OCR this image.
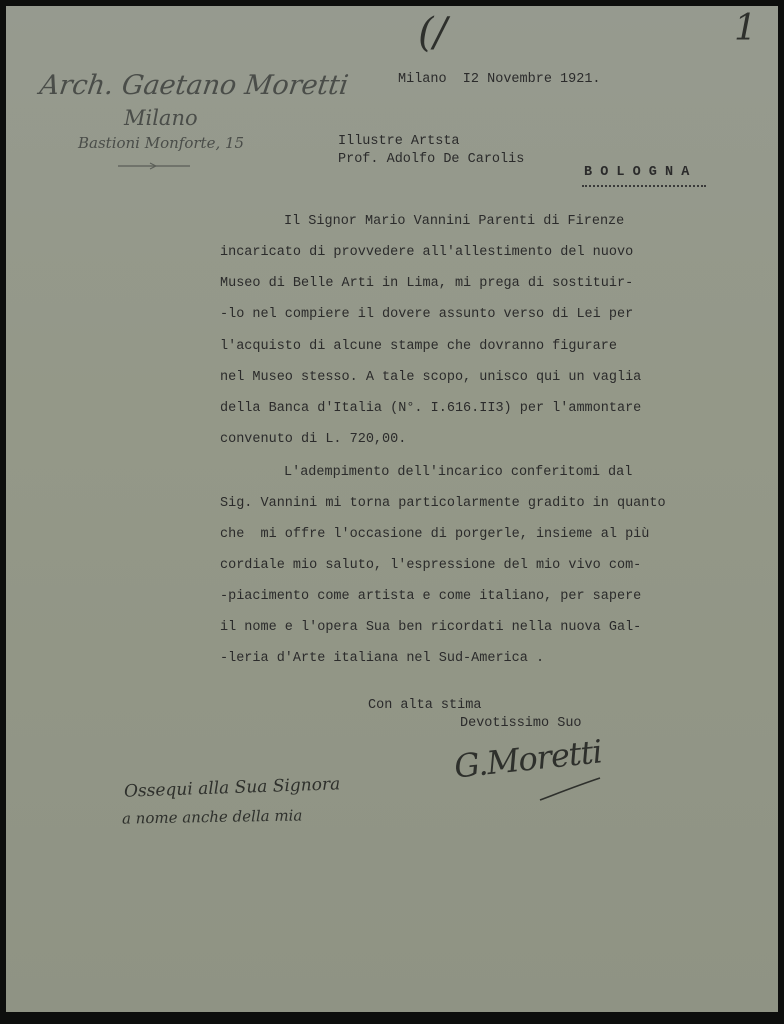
(/	1
Arch. Gaetano Moretti
Milano
Bastioni Monforte, 15
Milano  I2 Novembre 1921.
Illustre Artsta
Prof. Adolfo De Carolis
B O L O G N A
Il Signor Mario Vannini Parenti di Firenze
incaricato di provvedere all'allestimento del nuovo
Museo di Belle Arti in Lima, mi prega di sostituir-
-lo nel compiere il dovere assunto verso di Lei per
l'acquisto di alcune stampe che dovranno figurare
nel Museo stesso. A tale scopo, unisco qui un vaglia
della Banca d'Italia (N°. I.616.II3) per l'ammontare
convenuto di L. 720,00.
L'adempimento dell'incarico conferitomi dal
Sig. Vannini mi torna particolarmente gradito in quanto
che  mi offre l'occasione di porgerle, insieme al più
cordiale mio saluto, l'espressione del mio vivo com-
-piacimento come artista e come italiano, per sapere
il nome e l'opera Sua ben ricordati nella nuova Gal-
-leria d'Arte italiana nel Sud-America .
Con alta stima
Devotissimo Suo
G.Moretti
Ossequi alla Sua Signora
a nome anche della mia
